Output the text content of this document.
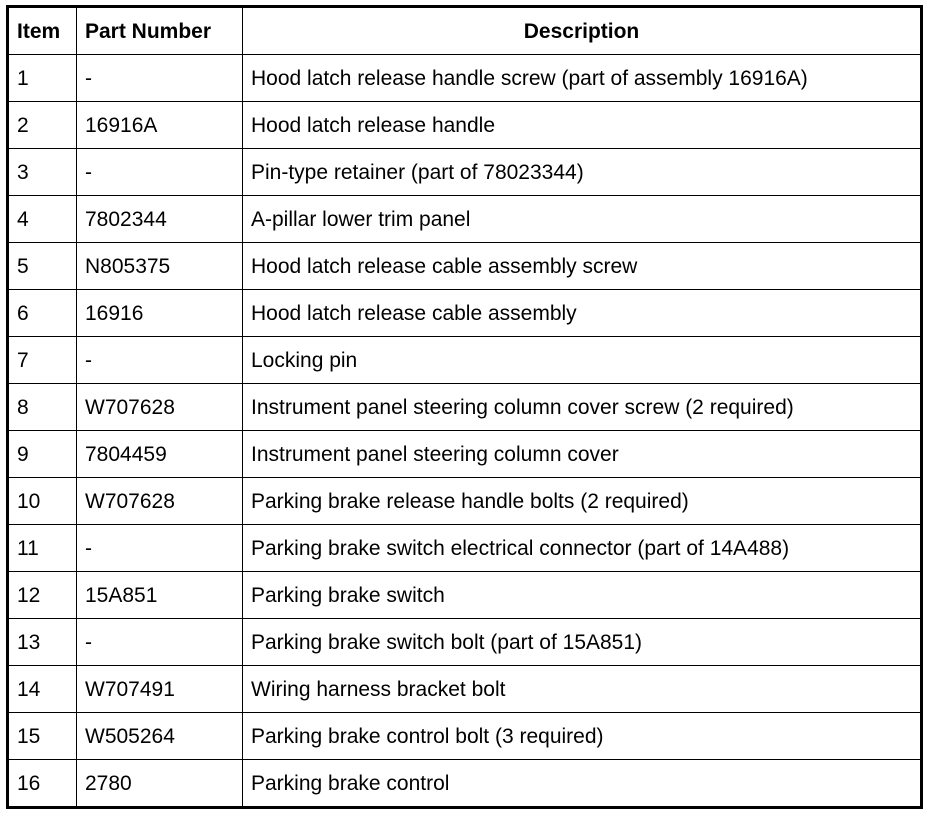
Item	Part Number	Description
1	-	Hood latch release handle screw (part of assembly 16916A)
2	16916A	Hood latch release handle
3	-	Pin-type retainer (part of 78023344)
4	7802344	A-pillar lower trim panel
5	N805375	Hood latch release cable assembly screw
6	16916	Hood latch release cable assembly
7	-	Locking pin
8	W707628	Instrument panel steering column cover screw (2 required)
9	7804459	Instrument panel steering column cover
10	W707628	Parking brake release handle bolts (2 required)
11	-	Parking brake switch electrical connector (part of 14A488)
12	15A851	Parking brake switch
13	-	Parking brake switch bolt (part of 15A851)
14	W707491	Wiring harness bracket bolt
15	W505264	Parking brake control bolt (3 required)
16	2780	Parking brake control
